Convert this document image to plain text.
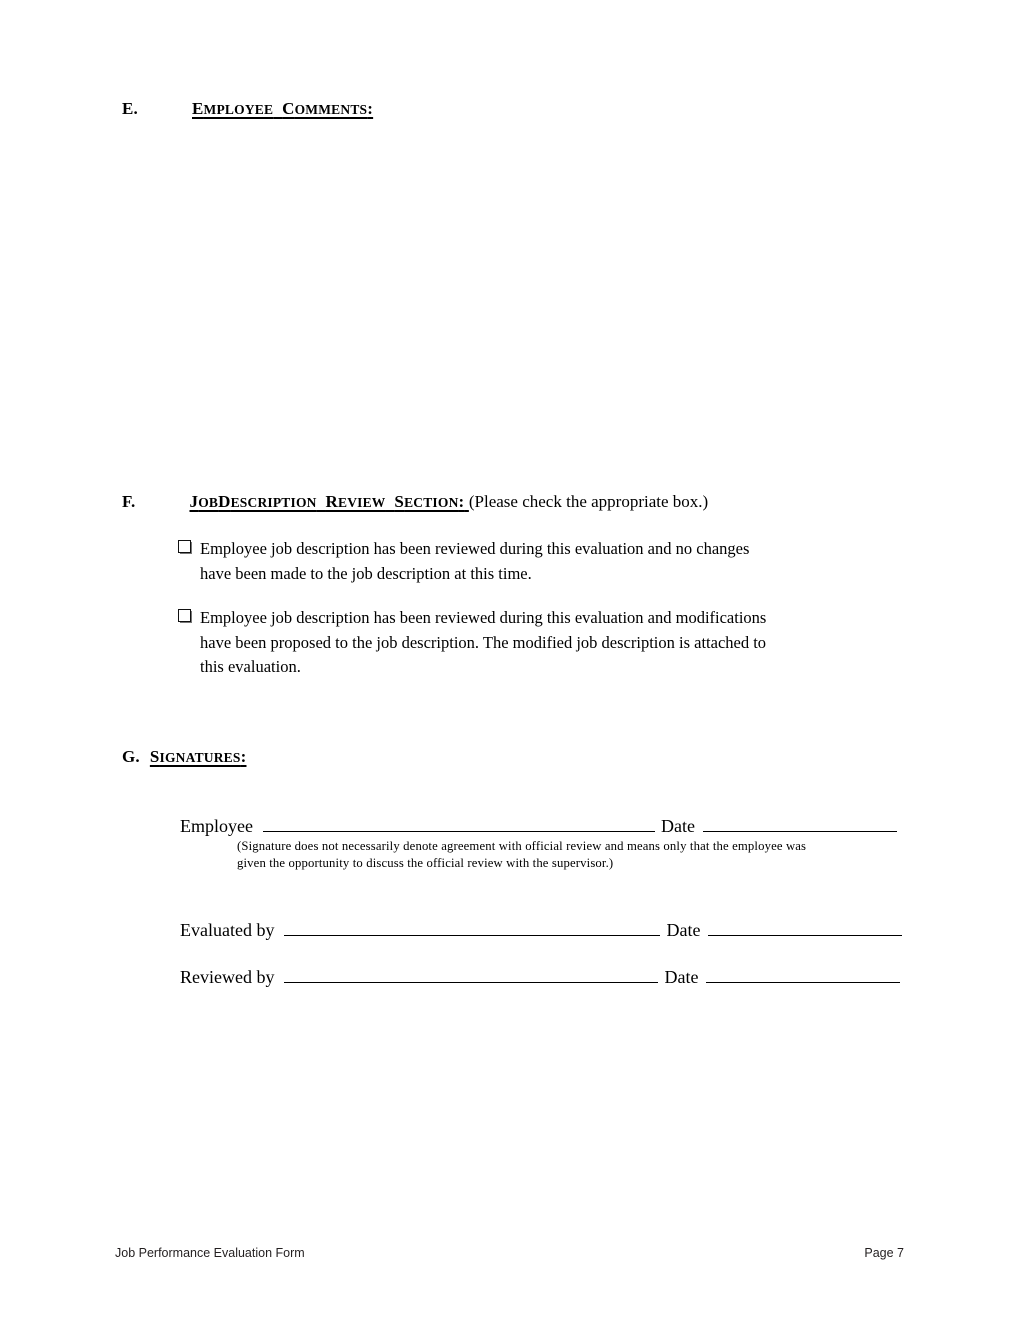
E.	EMPLOYEE COMMENTS:
F.	JOBDESCRIPTION REVIEW SECTION: (Please check the appropriate box.)
Employee job description has been reviewed during this evaluation and no changes
have been made to the job description at this time.
Employee job description has been reviewed during this evaluation and modifications
have been proposed to the job description. The modified job description is attached to
this evaluation.
G. SIGNATURES:
Employee	Date
(Signature does not necessarily denote agreement with official review and means only that the employee was
given the opportunity to discuss the official review with the supervisor.)
Evaluated by	Date
Reviewed by	Date
Job Performance Evaluation Form	Page 7
